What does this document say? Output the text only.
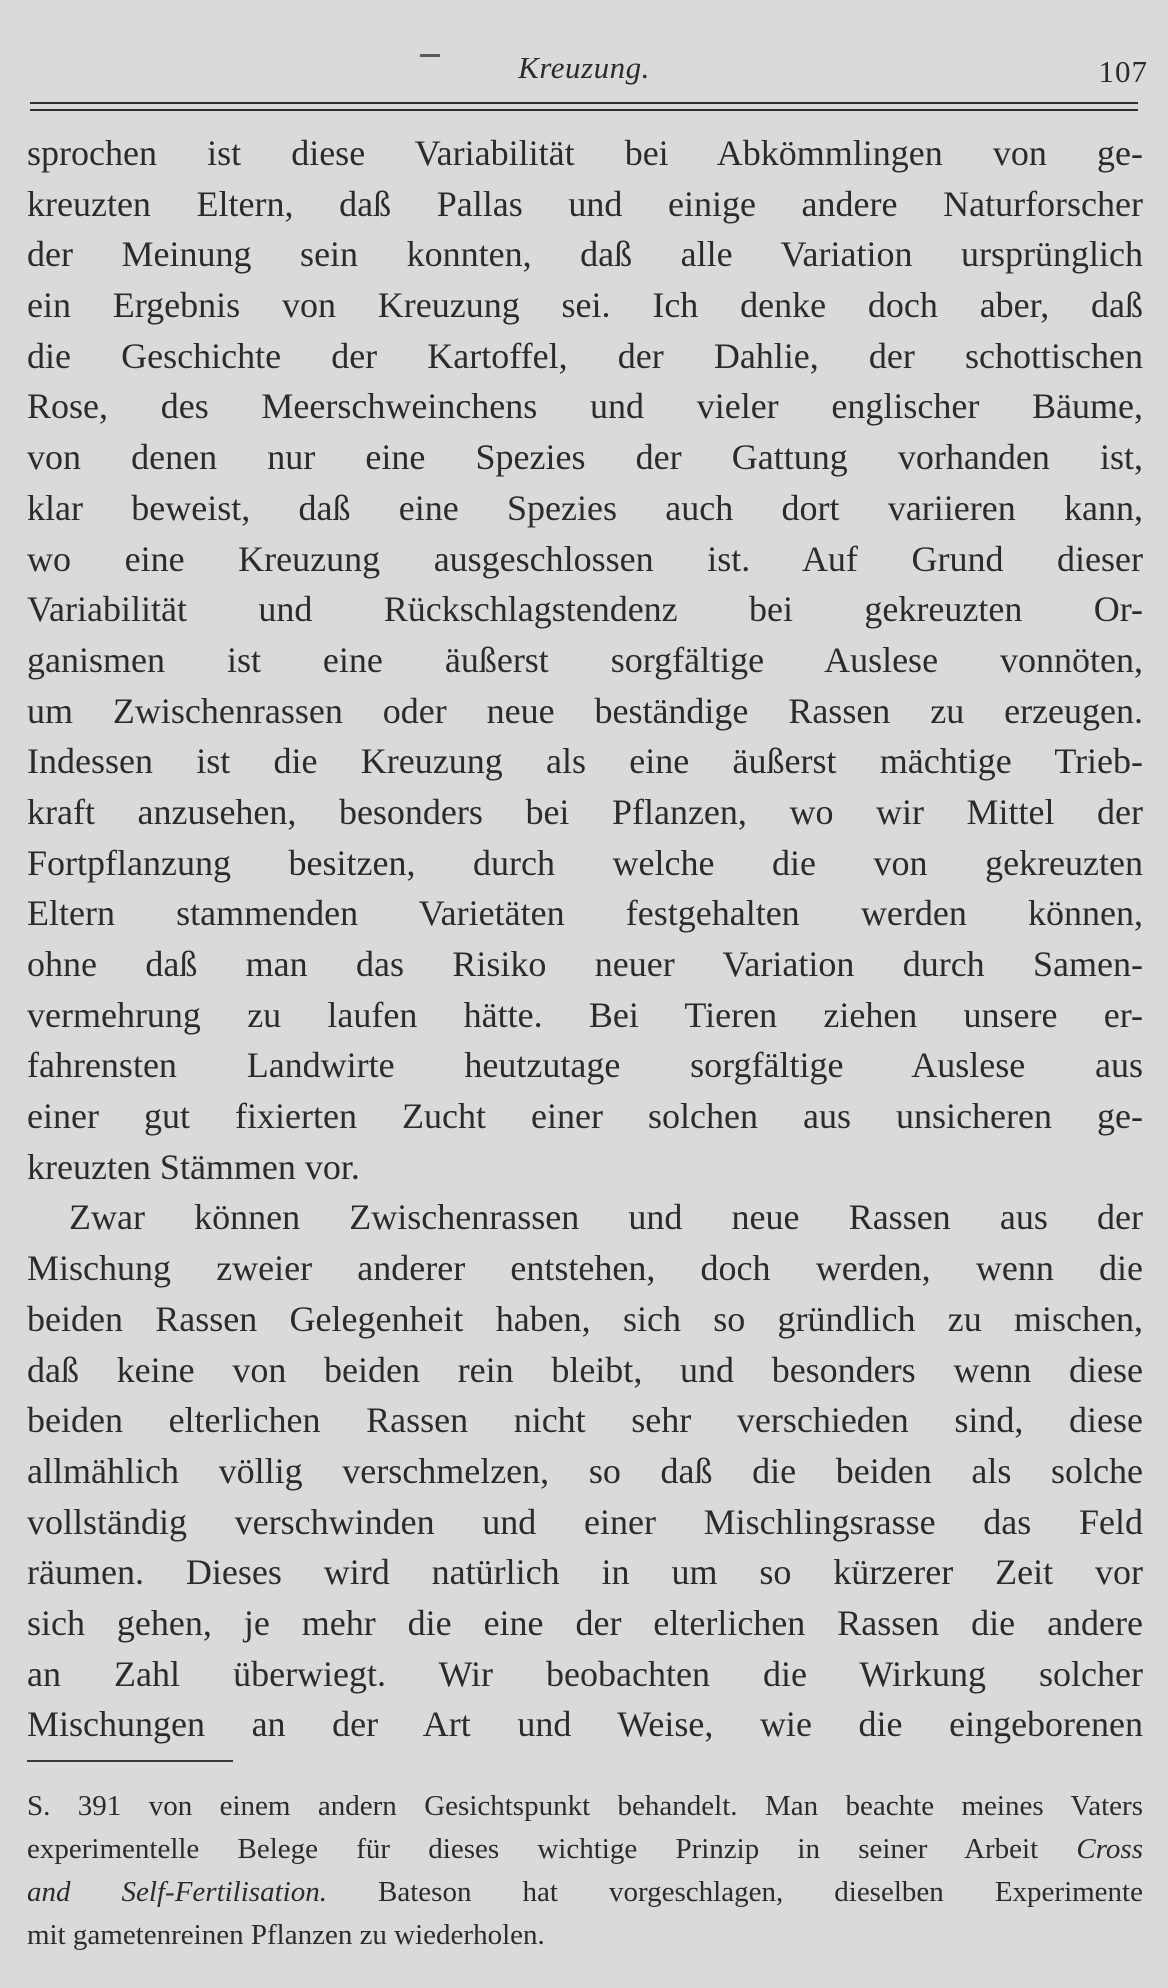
Kreuzung.	107
sprochen ist diese Variabilität bei Abkömmlingen von ge-
kreuzten Eltern, daß Pallas und einige andere Naturforscher
der Meinung sein konnten, daß alle Variation ursprünglich
ein Ergebnis von Kreuzung sei. Ich denke doch aber, daß
die Geschichte der Kartoffel, der Dahlie, der schottischen
Rose, des Meerschweinchens und vieler englischer Bäume,
von denen nur eine Spezies der Gattung vorhanden ist,
klar beweist, daß eine Spezies auch dort variieren kann,
wo eine Kreuzung ausgeschlossen ist. Auf Grund dieser
Variabilität und Rückschlagstendenz bei gekreuzten Or-
ganismen ist eine äußerst sorgfältige Auslese vonnöten,
um Zwischenrassen oder neue beständige Rassen zu erzeugen.
Indessen ist die Kreuzung als eine äußerst mächtige Trieb-
kraft anzusehen, besonders bei Pflanzen, wo wir Mittel der
Fortpflanzung besitzen, durch welche die von gekreuzten
Eltern stammenden Varietäten festgehalten werden können,
ohne daß man das Risiko neuer Variation durch Samen-
vermehrung zu laufen hätte. Bei Tieren ziehen unsere er-
fahrensten Landwirte heutzutage sorgfältige Auslese aus
einer gut fixierten Zucht einer solchen aus unsicheren ge-
kreuzten Stämmen vor.
Zwar können Zwischenrassen und neue Rassen aus der
Mischung zweier anderer entstehen, doch werden, wenn die
beiden Rassen Gelegenheit haben, sich so gründlich zu mischen,
daß keine von beiden rein bleibt, und besonders wenn diese
beiden elterlichen Rassen nicht sehr verschieden sind, diese
allmählich völlig verschmelzen, so daß die beiden als solche
vollständig verschwinden und einer Mischlingsrasse das Feld
räumen. Dieses wird natürlich in um so kürzerer Zeit vor
sich gehen, je mehr die eine der elterlichen Rassen die andere
an Zahl überwiegt. Wir beobachten die Wirkung solcher
Mischungen an der Art und Weise, wie die eingeborenen
S. 391 von einem andern Gesichtspunkt behandelt. Man beachte meines Vaters
experimentelle Belege für dieses wichtige Prinzip in seiner Arbeit Cross
and Self-Fertilisation. Bateson hat vorgeschlagen, dieselben Experimente
mit gametenreinen Pflanzen zu wiederholen.
